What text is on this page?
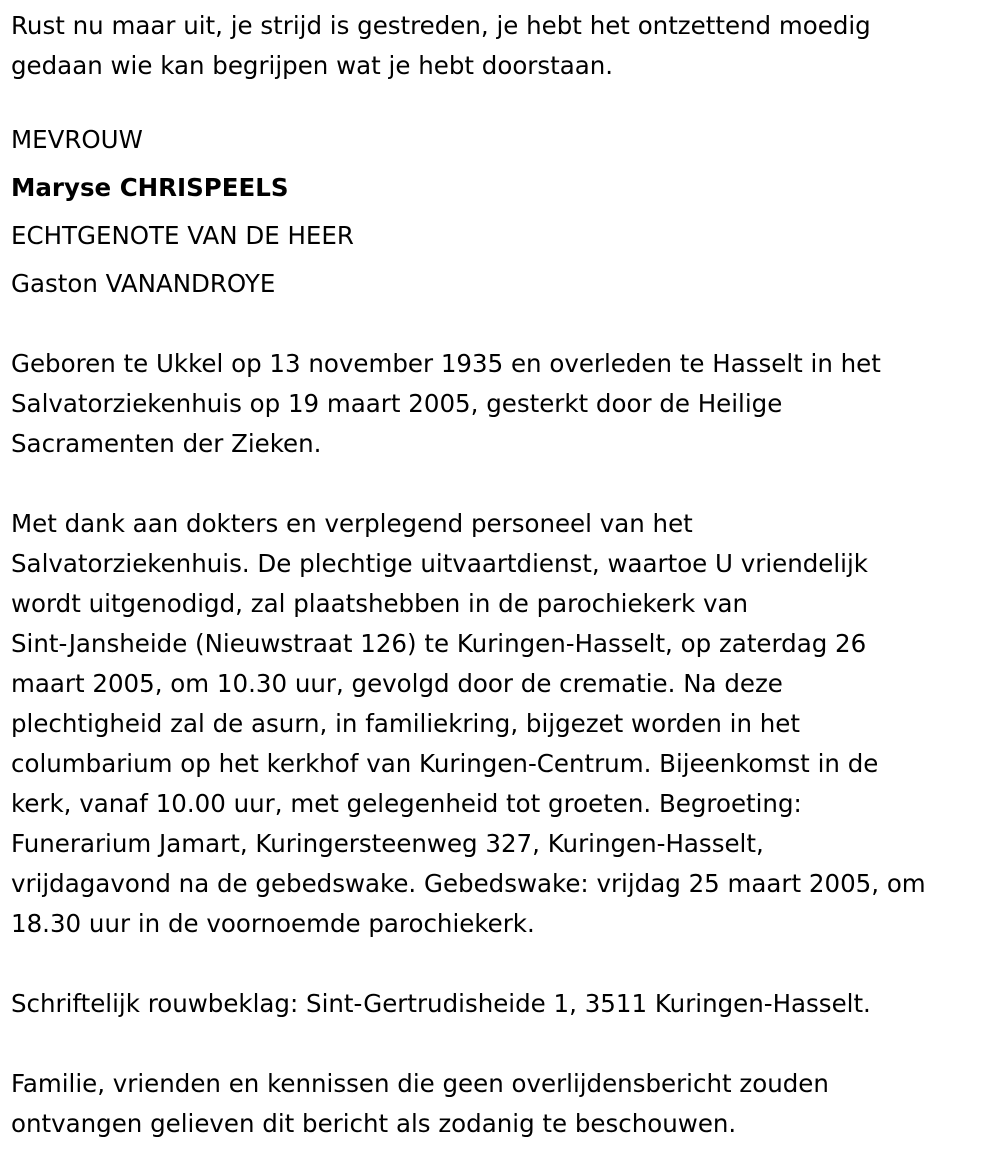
Rust nu maar uit, je strijd is gestreden, je hebt het ontzettend moedig
gedaan wie kan begrijpen wat je hebt doorstaan.

MEVROUW

Maryse CHRISPEELS

ECHTGENOTE VAN DE HEER

Gaston VANANDROYE

Geboren te Ukkel op 13 november 1935 en overleden te Hasselt in het
Salvatorziekenhuis op 19 maart 2005, gesterkt door de Heilige
Sacramenten der Zieken.

Met dank aan dokters en verplegend personeel van het
Salvatorziekenhuis. De plechtige uitvaartdienst, waartoe U vriendelijk
wordt uitgenodigd, zal plaatshebben in de parochiekerk van
Sint-Jansheide (Nieuwstraat 126) te Kuringen-Hasselt, op zaterdag 26
maart 2005, om 10.30 uur, gevolgd door de crematie. Na deze
plechtigheid zal de asurn, in familiekring, bijgezet worden in het
columbarium op het kerkhof van Kuringen-Centrum. Bijeenkomst in de
kerk, vanaf 10.00 uur, met gelegenheid tot groeten. Begroeting:
Funerarium Jamart, Kuringersteenweg 327, Kuringen-Hasselt,
vrijdagavond na de gebedswake. Gebedswake: vrijdag 25 maart 2005, om
18.30 uur in de voornoemde parochiekerk.

Schriftelijk rouwbeklag: Sint-Gertrudisheide 1, 3511 Kuringen-Hasselt.

Familie, vrienden en kennissen die geen overlijdensbericht zouden
ontvangen gelieven dit bericht als zodanig te beschouwen.
